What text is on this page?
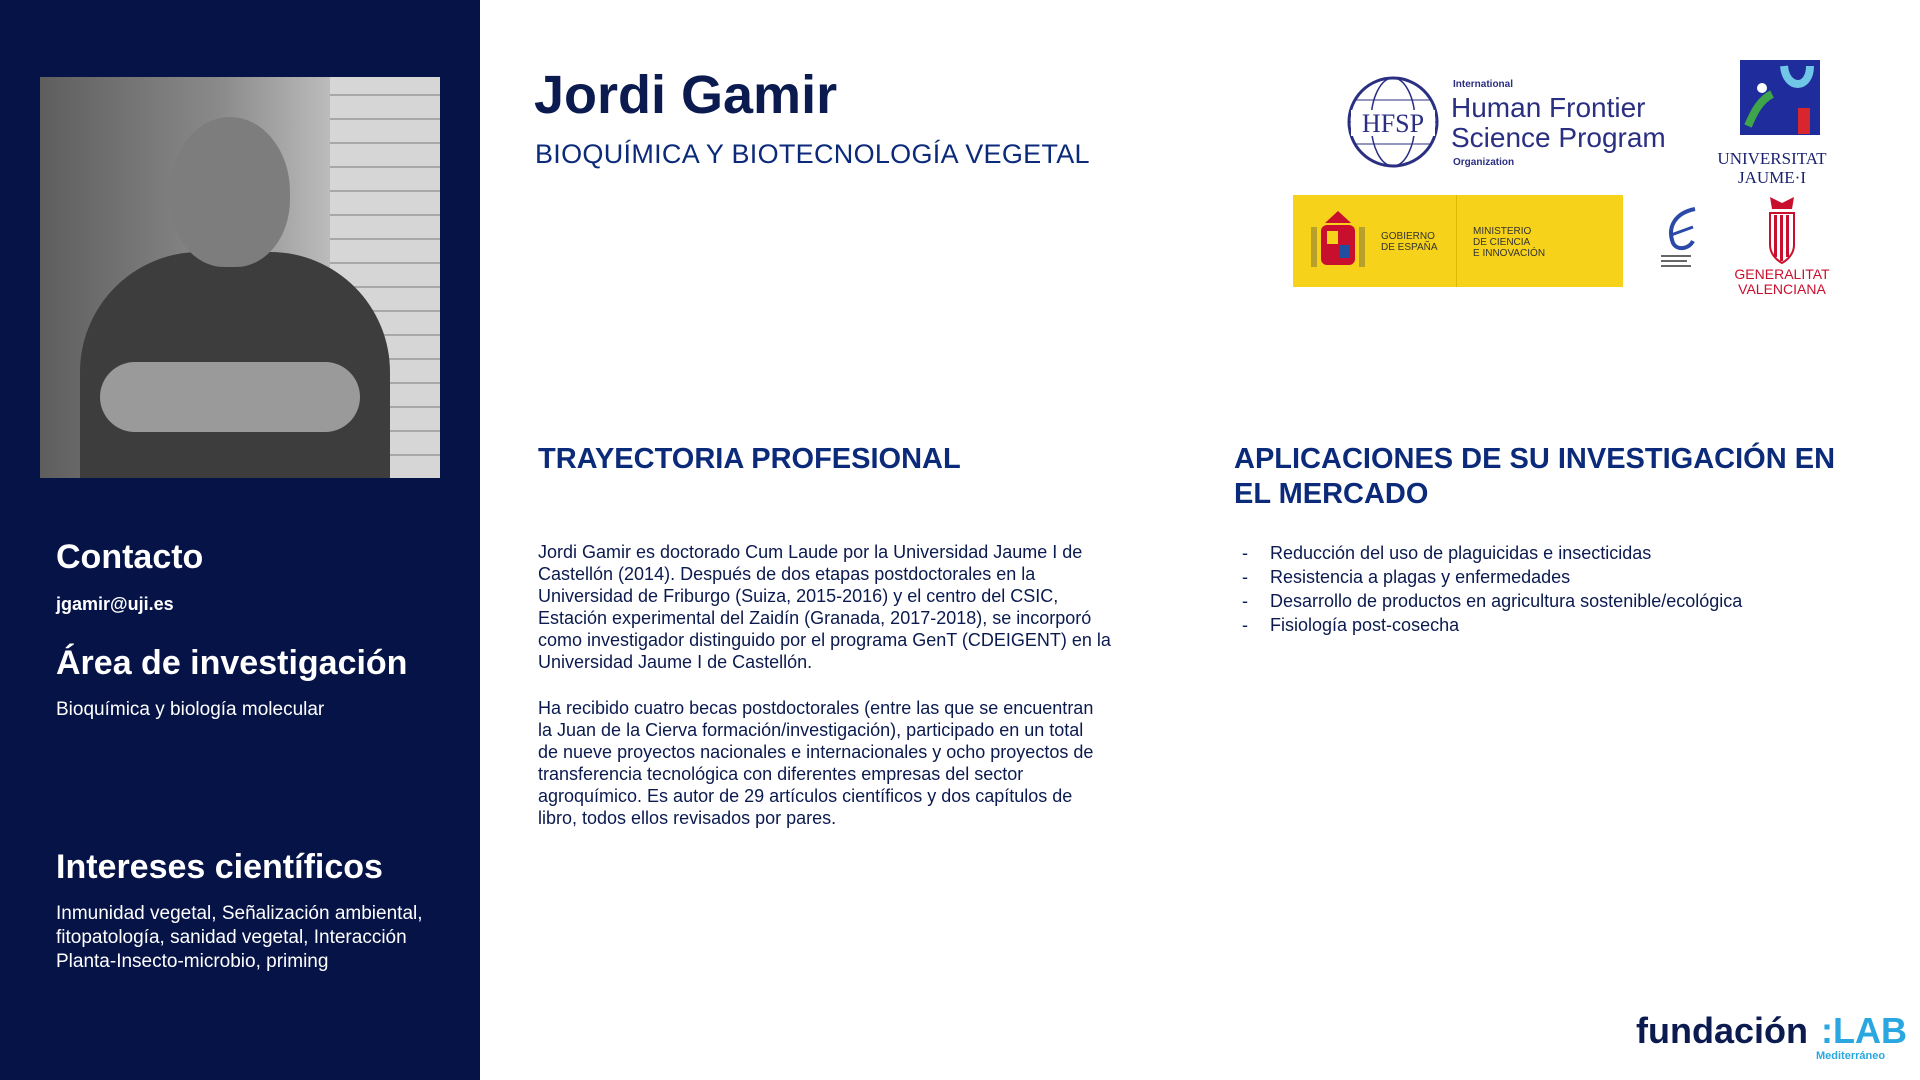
Contacto

jgamir@uji.es

Área de investigación

Bioquímica y biología molecular

Intereses científicos
Inmunidad vegetal, Señalización ambiental,
fitopatología, sanidad vegetal, Interacción
Planta-Insecto-microbio, priming
Jordi Gamir

BIOQUÍMICA Y BIOTECNOLOGÍA VEGETAL

HFSP
International
Human Frontier
Science Program
Organization	UNIVERSITAT
JAUME·I
GOBIERNO
DE ESPAÑA
MINISTERIO
DE CIENCIA
E INNOVACIÓN
GENERALITAT
VALENCIANA
TRAYECTORIA PROFESIONAL
Jordi Gamir es doctorado Cum Laude por la Universidad Jaume I de
Castellón (2014). Después de dos etapas postdoctorales en la
Universidad de Friburgo (Suiza, 2015-2016) y el centro del CSIC,
Estación experimental del Zaidín (Granada, 2017-2018), se incorporó
como investigador distinguido por el programa GenT (CDEIGENT) en la
Universidad Jaume I de Castellón.
Ha recibido cuatro becas postdoctorales (entre las que se encuentran
la Juan de la Cierva formación/investigación), participado en un total
de nueve proyectos nacionales e internacionales y ocho proyectos de
transferencia tecnológica con diferentes empresas del sector
agroquímico. Es autor de 29 artículos científicos y dos capítulos de
libro, todos ellos revisados por pares.
APLICACIONES DE SU INVESTIGACIÓN EN
EL MERCADO
- Reducción del uso de plaguicidas e insecticidas
- Resistencia a plagas y enfermedades
- Desarrollo de productos en agricultura sostenible/ecológica
- Fisiología post-cosecha
fundación :LAB
Mediterráneo
